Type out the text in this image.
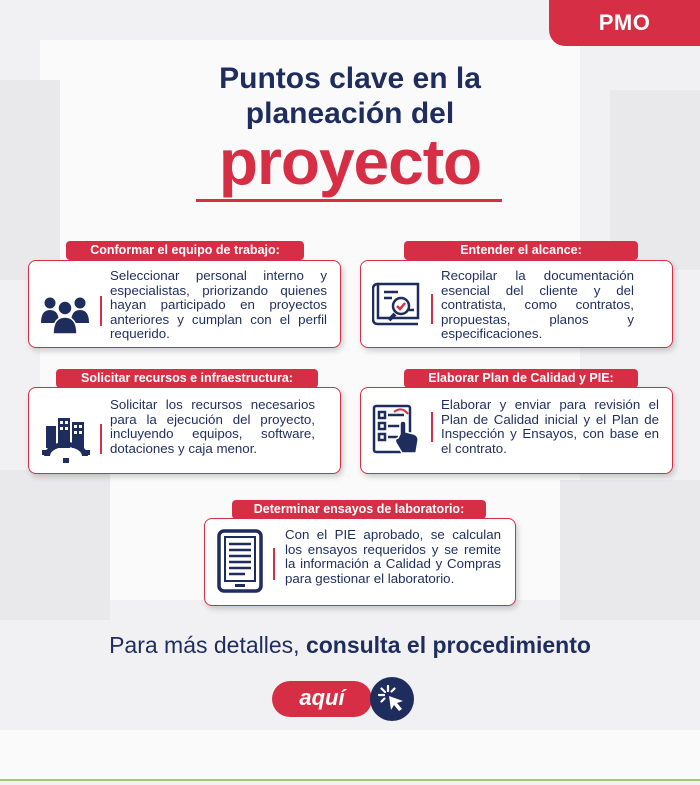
PMO
Puntos clave en la
planeación del
proyecto
Conformar el equipo de trabajo:
Seleccionar personal interno y especialistas, priorizando quienes hayan participado en proyectos anteriores y cumplan con el perfil requerido.
Entender el alcance:
Recopilar la documentación esencial del cliente y del contratista, como contratos, propuestas, planos y especificaciones.
Solicitar recursos e infraestructura:
Solicitar los recursos necesarios para la ejecución del proyecto, incluyendo equipos, software, dotaciones y caja menor.
Elaborar Plan de Calidad y PIE:
Elaborar y enviar para revisión el Plan de Calidad inicial y el Plan de Inspección y Ensayos, con base en el contrato.
Determinar ensayos de laboratorio:
Con el PIE aprobado, se calculan los ensayos requeridos y se remite la información a Calidad y Compras para gestionar el laboratorio.
Para más detalles, consulta el procedimiento
aquí
